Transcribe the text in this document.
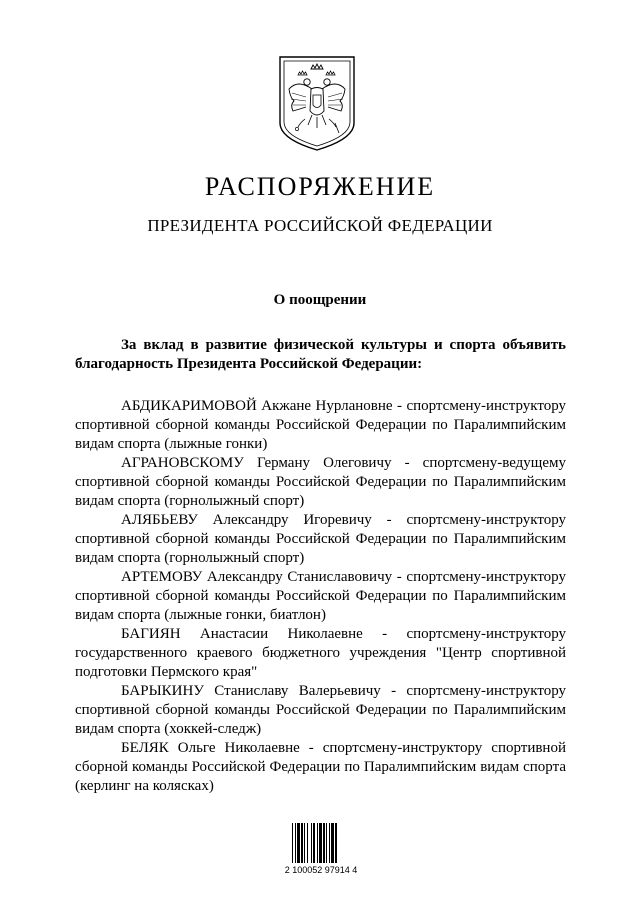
РАСПОРЯЖЕНИЕ
ПРЕЗИДЕНТА РОССИЙСКОЙ ФЕДЕРАЦИИ

О поощрении

За вклад в развитие физической культуры и спорта объявить благодарность Президента Российской Федерации:

АБДИКАРИМОВОЙ Акжане Нурлановне - спортсмену-инструктору спортивной сборной команды Российской Федерации по Паралимпийским видам спорта (лыжные гонки)

АГРАНОВСКОМУ Герману Олеговичу - спортсмену-ведущему спортивной сборной команды Российской Федерации по Паралимпийским видам спорта (горнолыжный спорт)

АЛЯБЬЕВУ Александру Игоревичу - спортсмену-инструктору спортивной сборной команды Российской Федерации по Паралимпийским видам спорта (горнолыжный спорт)

АРТЕМОВУ Александру Станиславовичу - спортсмену-инструктору спортивной сборной команды Российской Федерации по Паралимпийским видам спорта (лыжные гонки, биатлон)

БАГИЯН Анастасии Николаевне - спортсмену-инструктору государственного краевого бюджетного учреждения "Центр спортивной подготовки Пермского края"

БАРЫКИНУ Станиславу Валерьевичу - спортсмену-инструктору спортивной сборной команды Российской Федерации по Паралимпийским видам спорта (хоккей-следж)

БЕЛЯК Ольге Николаевне - спортсмену-инструктору спортивной сборной команды Российской Федерации по Паралимпийским видам спорта (керлинг на колясках)

2 100052 97914 4
